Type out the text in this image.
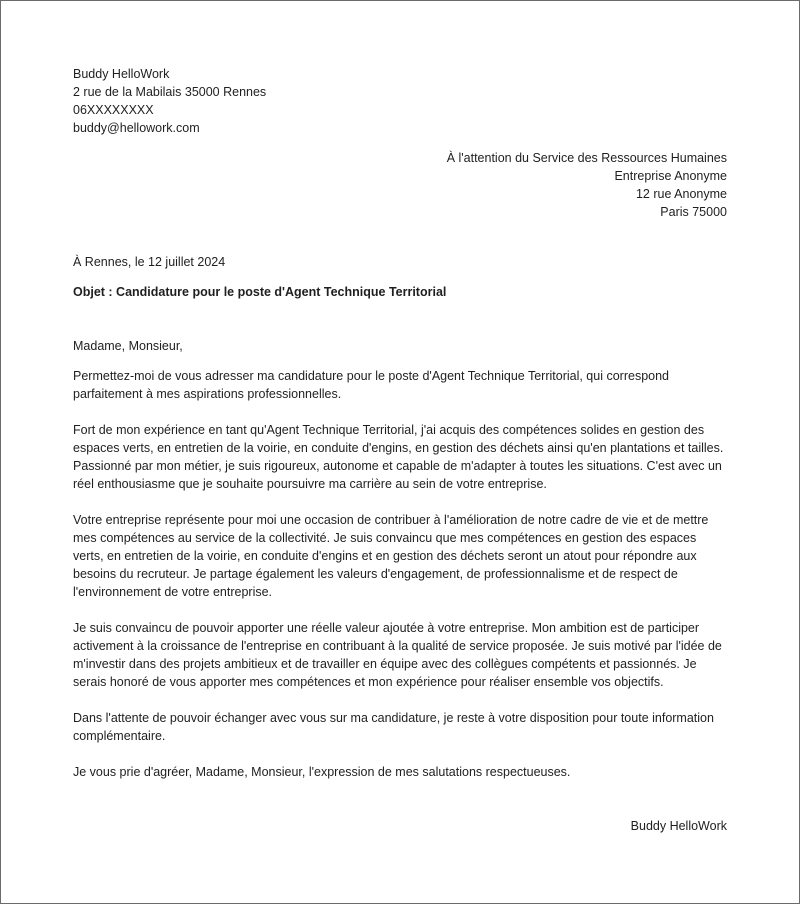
Buddy HelloWork
2 rue de la Mabilais 35000 Rennes
06XXXXXXXX
buddy@hellowork.com
À l'attention du Service des Ressources Humaines
Entreprise Anonyme
12 rue Anonyme
Paris 75000
À Rennes, le 12 juillet 2024
Objet : Candidature pour le poste d'Agent Technique Territorial
Madame, Monsieur,

Permettez-moi de vous adresser ma candidature pour le poste d'Agent Technique Territorial, qui correspond parfaitement à mes aspirations professionnelles.

Fort de mon expérience en tant qu'Agent Technique Territorial, j'ai acquis des compétences solides en gestion des espaces verts, en entretien de la voirie, en conduite d'engins, en gestion des déchets ainsi qu'en plantations et tailles. Passionné par mon métier, je suis rigoureux, autonome et capable de m'adapter à toutes les situations. C'est avec un réel enthousiasme que je souhaite poursuivre ma carrière au sein de votre entreprise.

Votre entreprise représente pour moi une occasion de contribuer à l'amélioration de notre cadre de vie et de mettre mes compétences au service de la collectivité. Je suis convaincu que mes compétences en gestion des espaces verts, en entretien de la voirie, en conduite d'engins et en gestion des déchets seront un atout pour répondre aux besoins du recruteur. Je partage également les valeurs d'engagement, de professionnalisme et de respect de l'environnement de votre entreprise.

Je suis convaincu de pouvoir apporter une réelle valeur ajoutée à votre entreprise. Mon ambition est de participer activement à la croissance de l'entreprise en contribuant à la qualité de service proposée. Je suis motivé par l'idée de m'investir dans des projets ambitieux et de travailler en équipe avec des collègues compétents et passionnés. Je serais honoré de vous apporter mes compétences et mon expérience pour réaliser ensemble vos objectifs.

Dans l'attente de pouvoir échanger avec vous sur ma candidature, je reste à votre disposition pour toute information complémentaire.

Je vous prie d'agréer, Madame, Monsieur, l'expression de mes salutations respectueuses.
Buddy HelloWork
